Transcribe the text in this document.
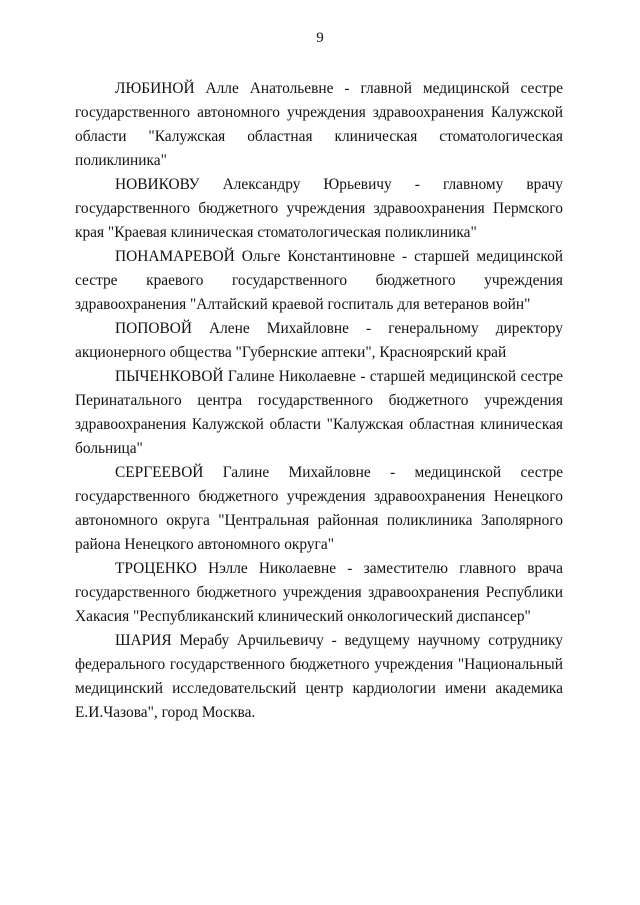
9

ЛЮБИНОЙ Алле Анатольевне - главной медицинской сестре государственного автономного учреждения здравоохранения Калужской области "Калужская областная клиническая стоматологическая поликлиника"

НОВИКОВУ Александру Юрьевичу - главному врачу государственного бюджетного учреждения здравоохранения Пермского края "Краевая клиническая стоматологическая поликлиника"

ПОНАМАРЕВОЙ Ольге Константиновне - старшей медицинской сестре краевого государственного бюджетного учреждения здравоохранения "Алтайский краевой госпиталь для ветеранов войн"

ПОПОВОЙ Алене Михайловне - генеральному директору акционерного общества "Губернские аптеки", Красноярский край

ПЫЧЕНКОВОЙ Галине Николаевне - старшей медицинской сестре Перинатального центра государственного бюджетного учреждения здравоохранения Калужской области "Калужская областная клиническая больница"

СЕРГЕЕВОЙ Галине Михайловне - медицинской сестре государственного бюджетного учреждения здравоохранения Ненецкого автономного округа "Центральная районная поликлиника Заполярного района Ненецкого автономного округа"

ТРОЦЕНКО Нэлле Николаевне - заместителю главного врача государственного бюджетного учреждения здравоохранения Республики Хакасия "Республиканский клинический онкологический диспансер"

ШАРИЯ Мерабу Арчильевичу - ведущему научному сотруднику федерального государственного бюджетного учреждения "Национальный медицинский исследовательский центр кардиологии имени академика Е.И.Чазова", город Москва.
